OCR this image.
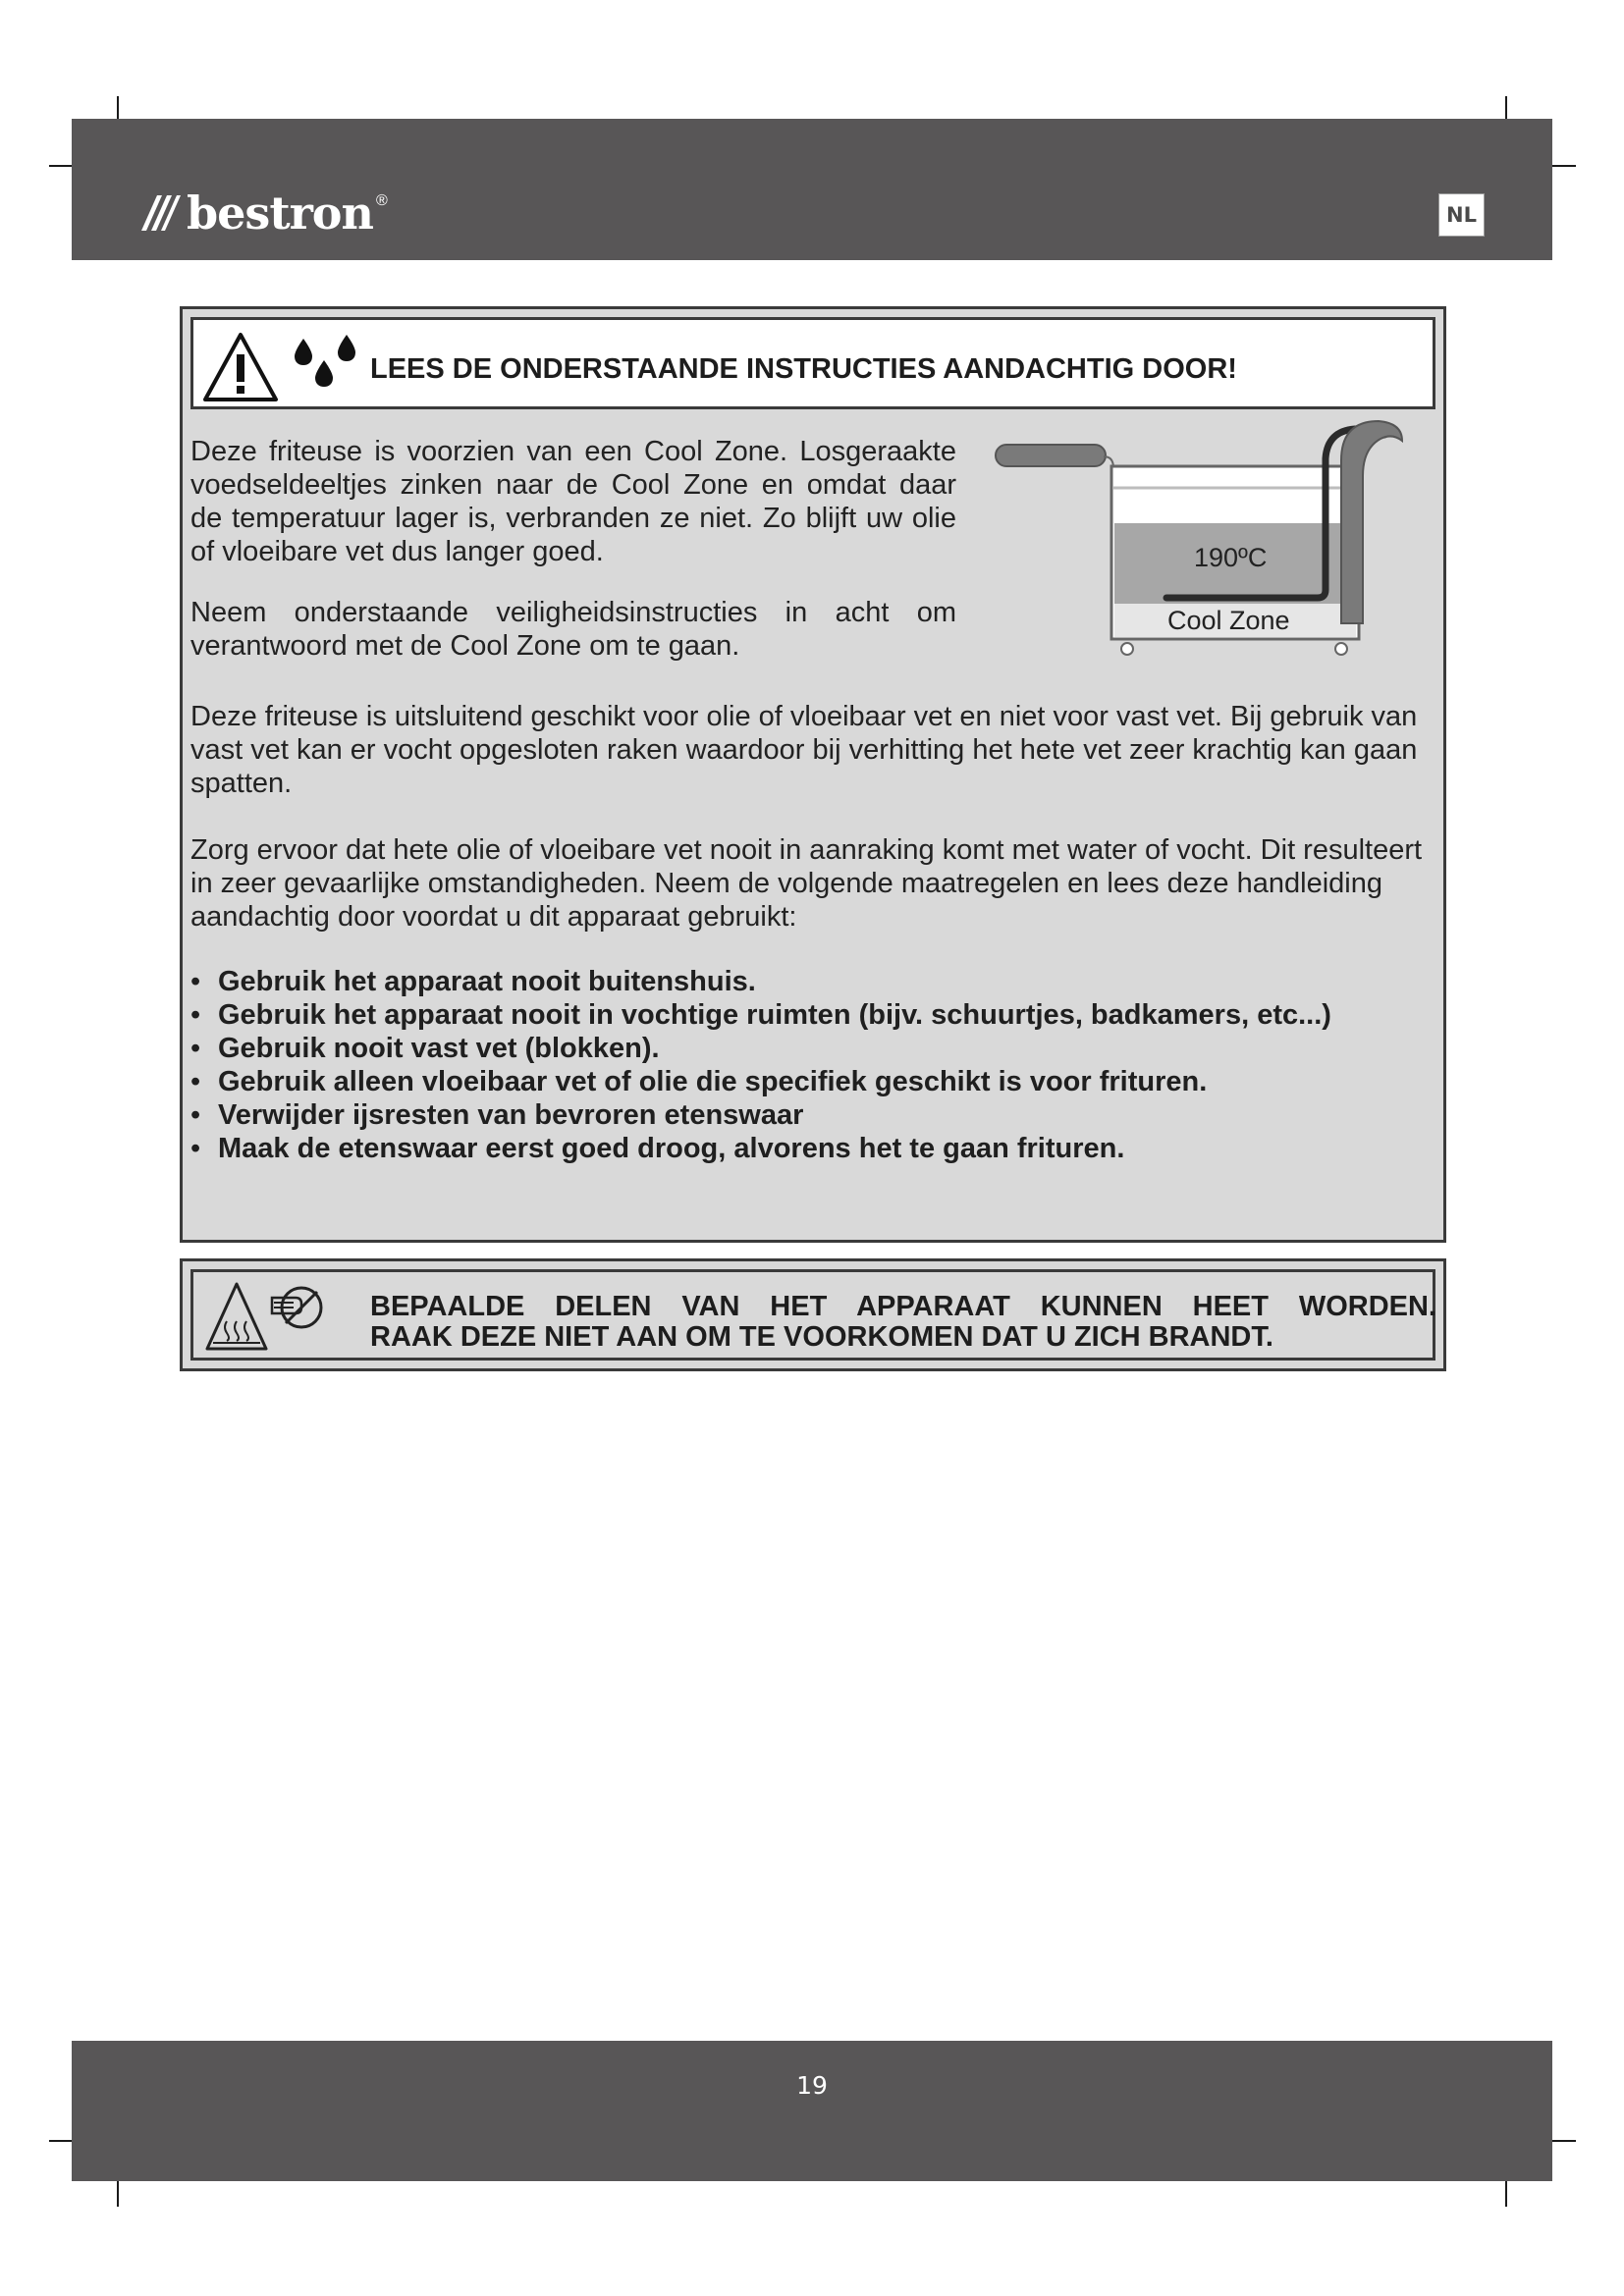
bestron ®
NL
LEES DE ONDERSTAANDE INSTRUCTIES AANDACHTIG DOOR!
Deze friteuse is voorzien van een Cool Zone. Losgeraakte
voedseldeeltjes zinken naar de Cool Zone en omdat daar
de temperatuur lager is, verbranden ze niet. Zo blijft uw olie
of vloeibare vet dus langer goed.
Neem onderstaande veiligheidsinstructies in acht om
verantwoord met de Cool Zone om te gaan.
190ºC
Cool Zone
Deze friteuse is uitsluitend geschikt voor olie of vloeibaar vet en niet voor vast vet. Bij gebruik van vast vet kan er vocht opgesloten raken waardoor bij verhitting het hete vet zeer krachtig kan gaan spatten.
Zorg ervoor dat hete olie of vloeibare vet nooit in aanraking komt met water of vocht. Dit resulteert in zeer gevaarlijke omstandigheden. Neem de volgende maatregelen en lees deze handleiding aandachtig door voordat u dit apparaat gebruikt:
• Gebruik het apparaat nooit buitenshuis.
• Gebruik het apparaat nooit in vochtige ruimten (bijv. schuurtjes, badkamers, etc...)
• Gebruik nooit vast vet (blokken).
• Gebruik alleen vloeibaar vet of olie die specifiek geschikt is voor frituren.
• Verwijder ijsresten van bevroren etenswaar
• Maak de etenswaar eerst goed droog, alvorens het te gaan frituren.
BEPAALDE DELEN VAN HET APPARAAT KUNNEN HEET WORDEN.
RAAK DEZE NIET AAN OM TE VOORKOMEN DAT U ZICH BRANDT.
19
